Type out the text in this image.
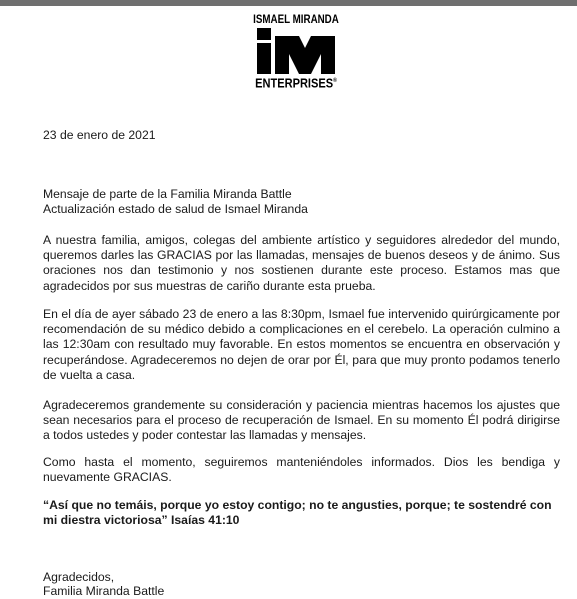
ISMAEL MIRANDA
ENTERPRISES®

23 de enero de 2021

Mensaje de parte de la Familia Miranda Battle

Actualización estado de salud de Ismael Miranda

A nuestra familia, amigos, colegas del ambiente artístico y seguidores alrededor del mundo, queremos darles las GRACIAS por las llamadas, mensajes de buenos deseos y de ánimo. Sus oraciones nos dan testimonio y nos sostienen durante este proceso. Estamos mas que agradecidos por sus muestras de cariño durante esta prueba.

En el día de ayer sábado 23 de enero a las 8:30pm, Ismael fue intervenido quirúrgicamente por recomendación de su médico debido a complicaciones en el cerebelo. La operación culmino a las 12:30am con resultado muy favorable. En estos momentos se encuentra en observación y recuperándose. Agradeceremos no dejen de orar por Él, para que muy pronto podamos tenerlo de vuelta a casa.

Agradeceremos grandemente su consideración y paciencia mientras hacemos los ajustes que sean necesarios para el proceso de recuperación de Ismael. En su momento Él podrá dirigirse a todos ustedes y poder contestar las llamadas y mensajes.

Como hasta el momento, seguiremos manteniéndoles informados. Dios les bendiga y nuevamente GRACIAS.

“Así que no temáis, porque yo estoy contigo; no te angusties, porque; te sostendré con mi diestra victoriosa” Isaías 41:10

Agradecidos,

Familia Miranda Battle
